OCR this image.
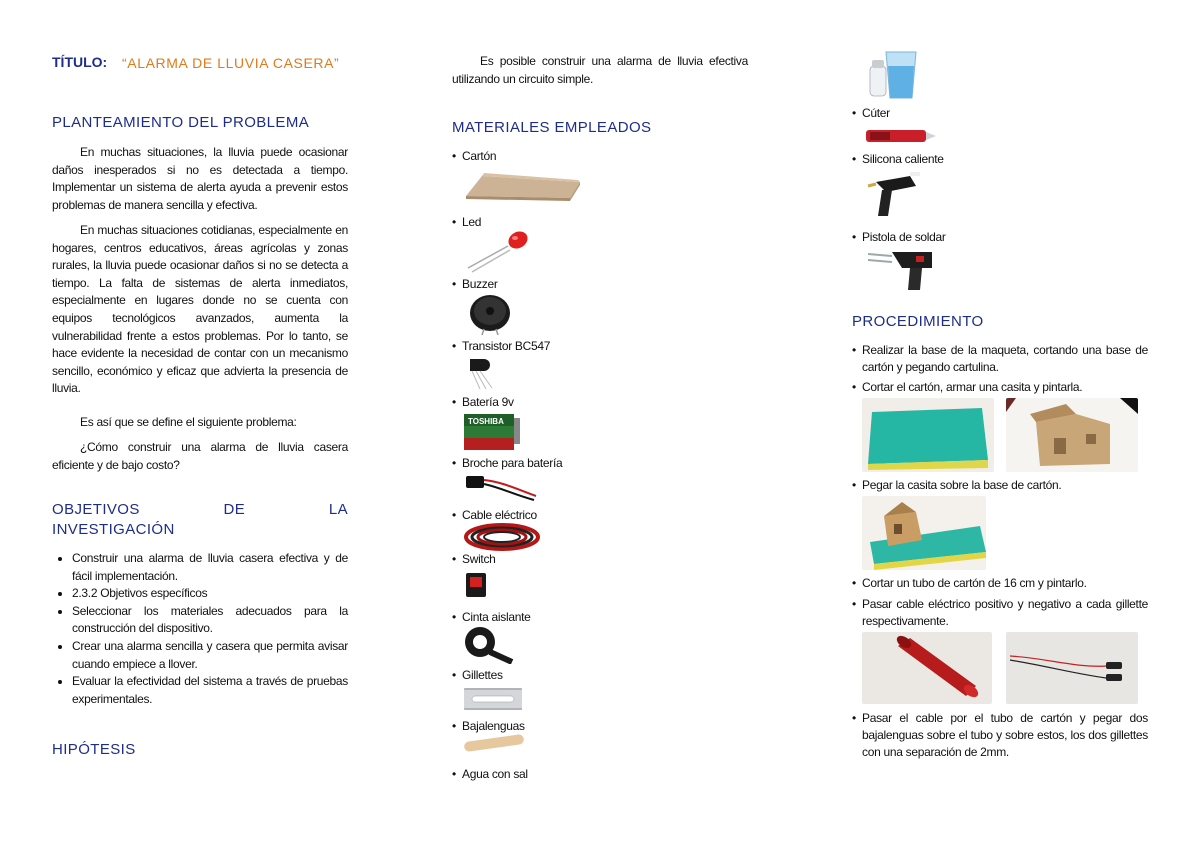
TÍTULO: “ALARMA DE LLUVIA CASERA”
PLANTEAMIENTO DEL PROBLEMA

En muchas situaciones, la lluvia puede ocasionar daños inesperados si no es detectada a tiempo. Implementar un sistema de alerta ayuda a prevenir estos problemas de manera sencilla y efectiva.

En muchas situaciones cotidianas, especialmente en hogares, centros educativos, áreas agrícolas y zonas rurales, la lluvia puede ocasionar daños si no se detecta a tiempo. La falta de sistemas de alerta inmediatos, especialmente en lugares donde no se cuenta con equipos tecnológicos avanzados, aumenta la vulnerabilidad frente a estos problemas. Por lo tanto, se hace evidente la necesidad de contar con un mecanismo sencillo, económico y eficaz que advierta la presencia de lluvia.

Es así que se define el siguiente problema:

¿Cómo construir una alarma de lluvia casera eficiente y de bajo costo?

OBJETIVOS DE LA INVESTIGACIÓN
• Construir una alarma de lluvia casera efectiva y de fácil implementación.
• 2.3.2 Objetivos específicos
• Seleccionar los materiales adecuados para la construcción del dispositivo.
• Crear una alarma sencilla y casera que permita avisar cuando empiece a llover.
• Evaluar la efectividad del sistema a través de pruebas experimentales.
HIPÓTESIS

Es posible construir una alarma de lluvia efectiva utilizando un circuito simple.

MATERIALES EMPLEADOS
• Cartón
• Led
• Buzzer
• Transistor BC547
• Batería 9v
TOSHIBA
• Broche para batería
• Cable eléctrico
• Switch
• Cinta aislante
• Gillettes
• Bajalenguas
• Agua con sal
• Cúter
• Silicona caliente
• Pistola de soldar
PROCEDIMIENTO
• Realizar la base de la maqueta, cortando una base de cartón y pegando cartulina.
• Cortar el cartón, armar una casita y pintarla.
• Pegar la casita sobre la base de cartón.
• Cortar un tubo de cartón de 16 cm y pintarlo.
• Pasar cable eléctrico positivo y negativo a cada gillette respectivamente.
• Pasar el cable por el tubo de cartón y pegar dos bajalenguas sobre el tubo y sobre estos, los dos gillettes con una separación de 2mm.
